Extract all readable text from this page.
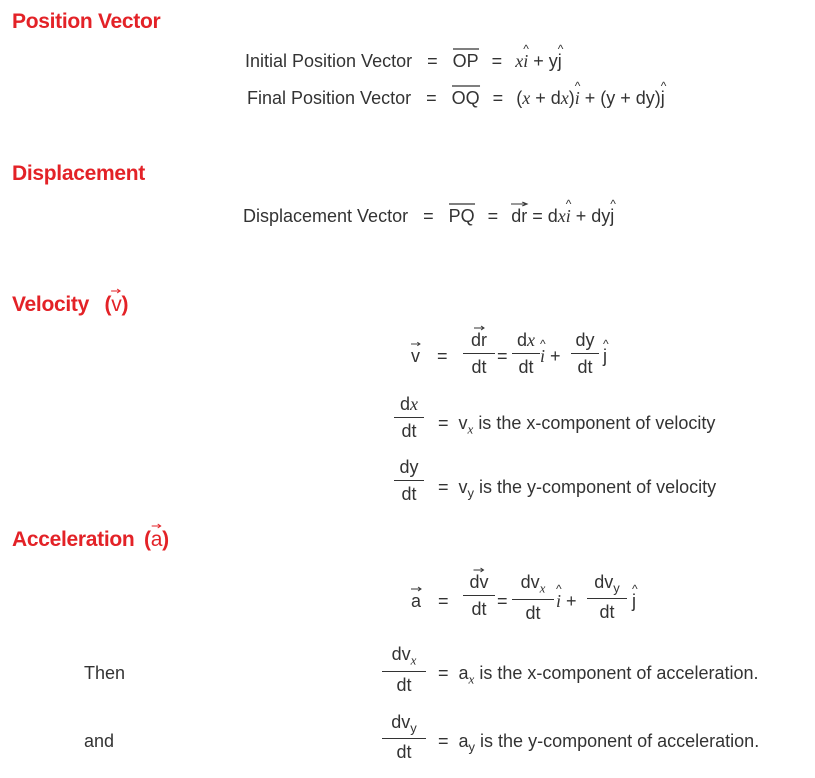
Position Vector
Displacement
Velocity (
v)
Acceleration (
a)
Initial Position Vector = OP = x^ i + y^ j
Final Position Vector = OQ = (x + dx)^ i + (y + dy)^ j
Displacement Vector = PQ = dr = dx^ i + dy^ j
v =
dr
dt
=
dx
dt
^ i +
dy
dt
^ j
dx
dt	=  $v_x$ is the x-component of velocity
dy
dt	=  $v_y$ is the y-component of velocity
a =
dv
dt =
$dv_x$
dt
^ i +
$dv_y$
dt
^ j
Then
$dv_x$
dt
=  $a_x$ is the x-component of acceleration.
and
$dv_y$
dt
=  $a_y$ is the y-component of acceleration.
